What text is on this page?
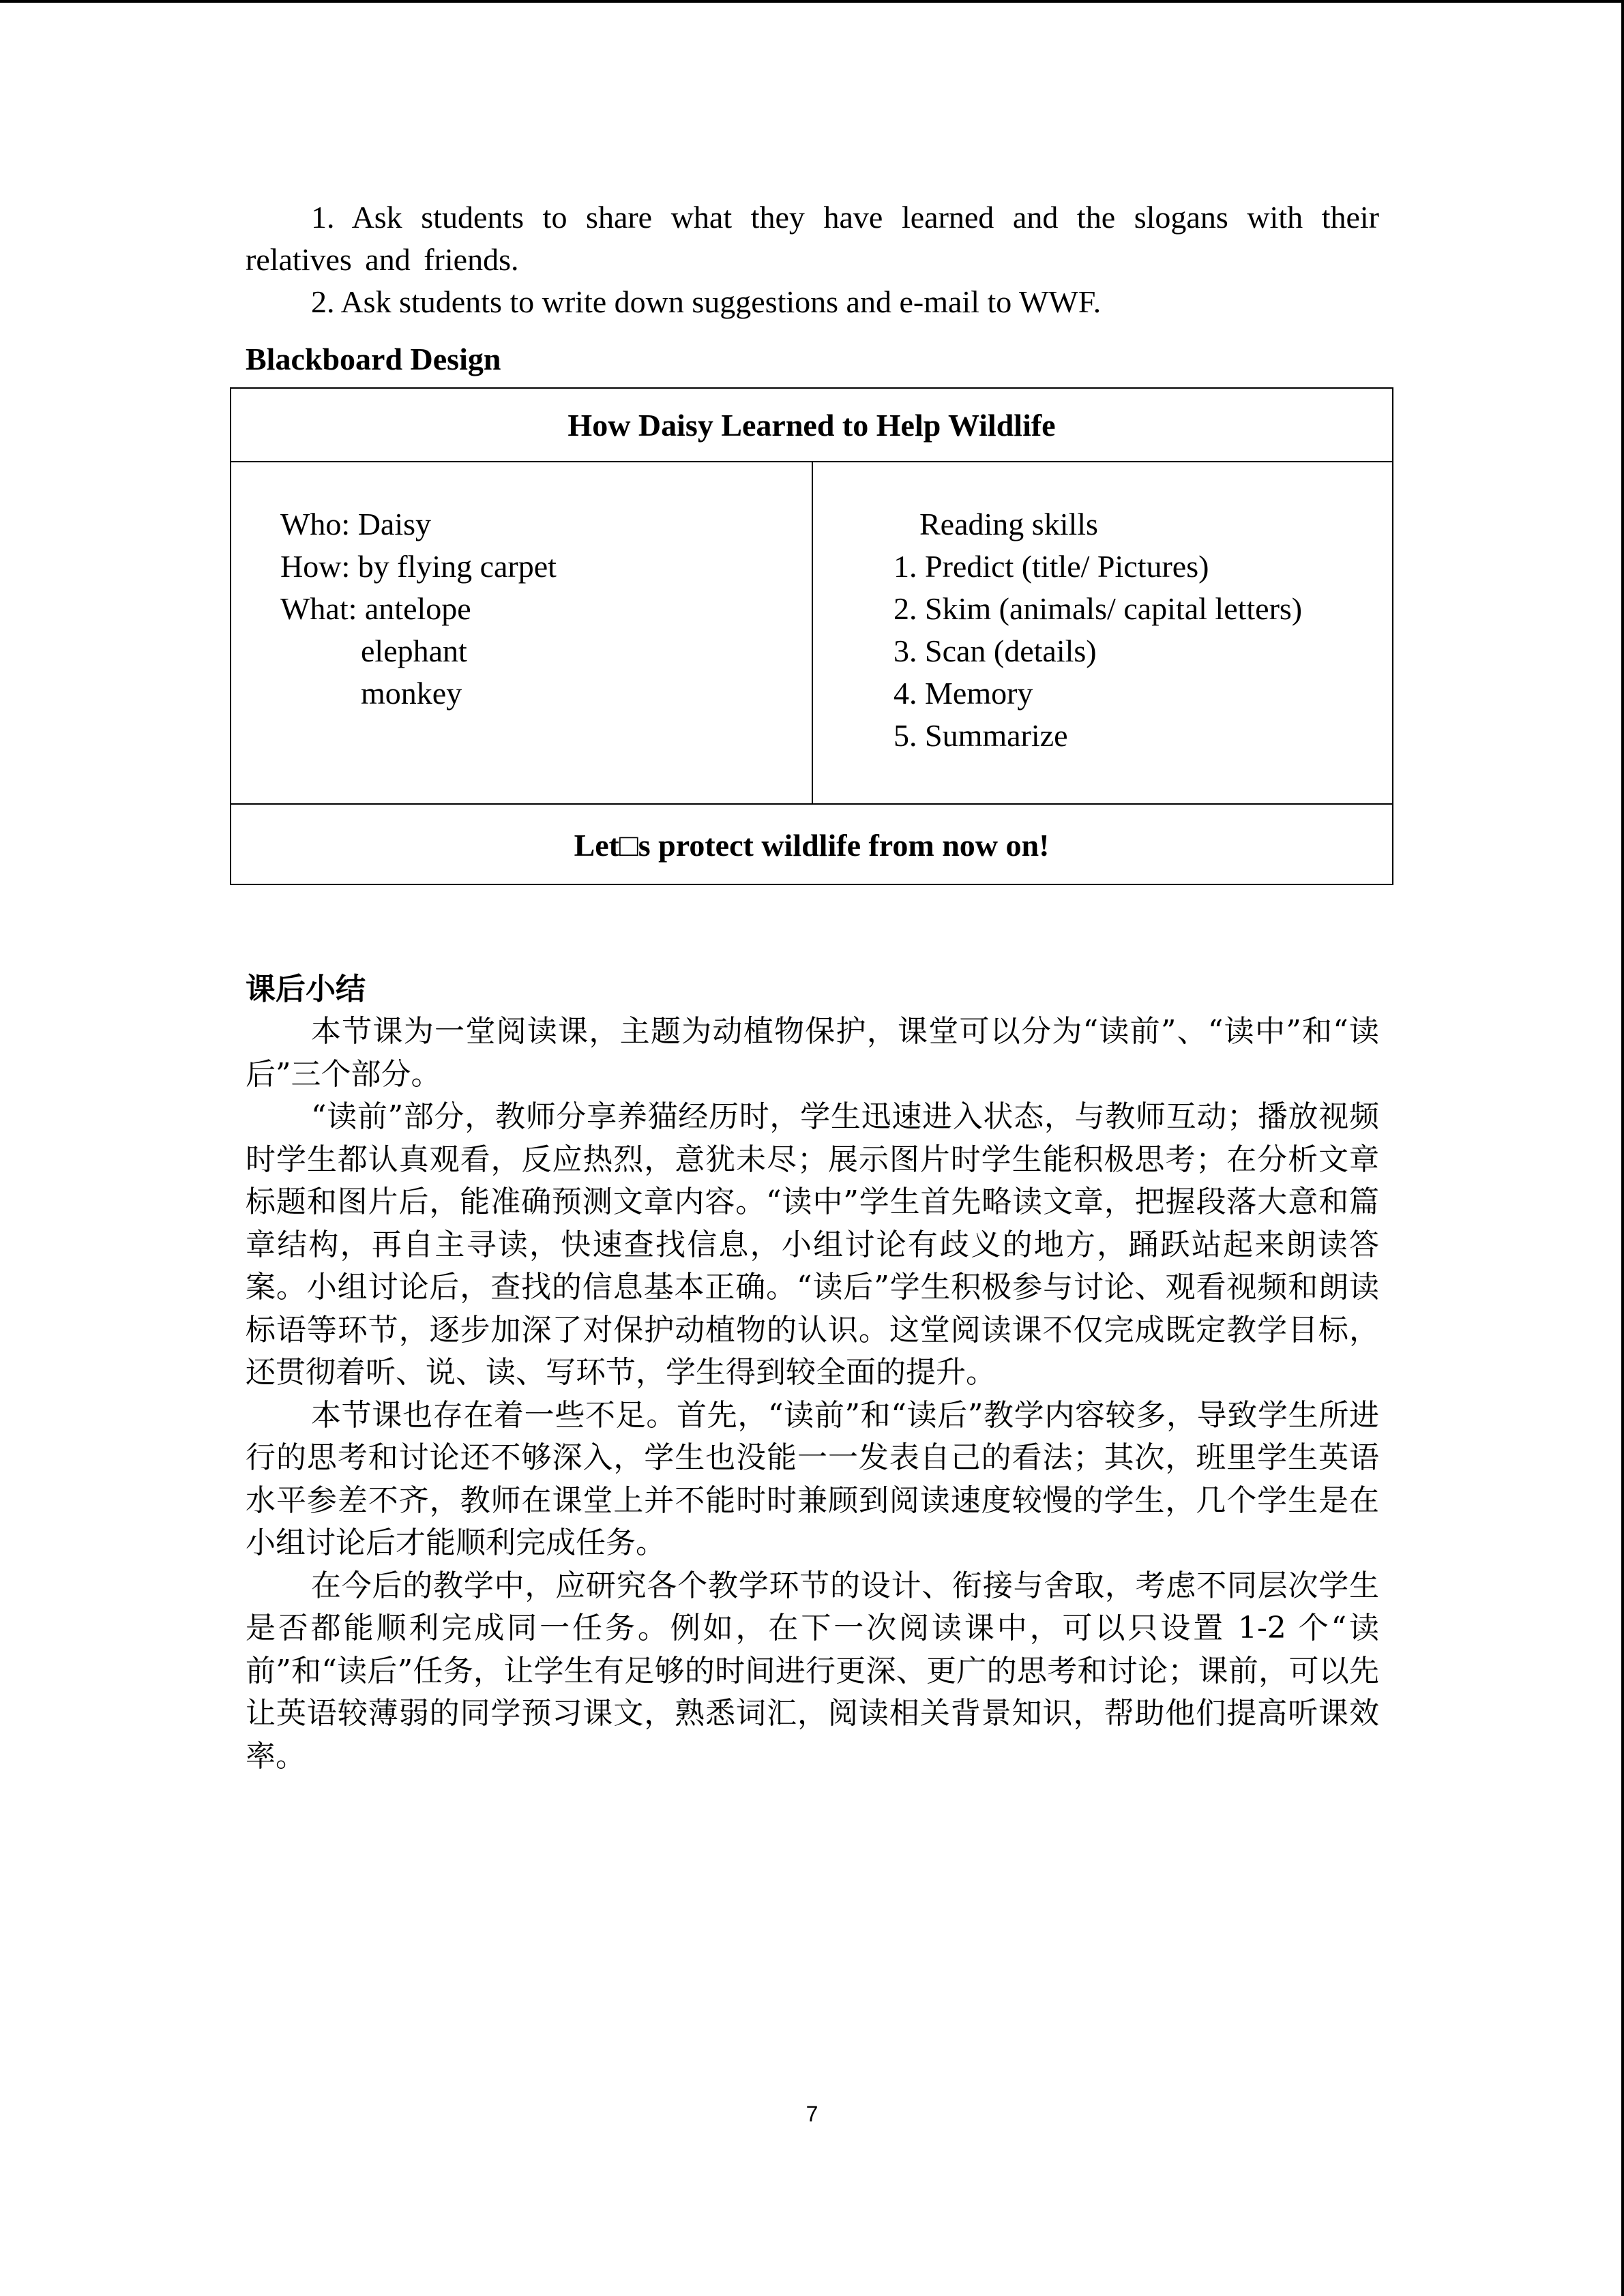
1. Ask students to share what they have learned and the slogans with their relatives and friends.

2. Ask students to write down suggestions and e-mail to WWF.

Blackboard Design
How Daisy Learned to Help Wildlife
Who: Daisy
How: by flying carpet
What: antelope
elephant
monkey
Reading skills
1. Predict (title/ Pictures)
2. Skim (animals/ capital letters)
3. Scan (details)
4. Memory
5. Summarize
Let□s protect wildlife from now on!
课后小结

本节课为一堂阅读课，主题为动植物保护，课堂可以分为“读前”、“读中”和“读后”三个部分。

“读前”部分，教师分享养猫经历时，学生迅速进入状态，与教师互动；播放视频时学生都认真观看，反应热烈，意犹未尽；展示图片时学生能积极思考；在分析文章标题和图片后，能准确预测文章内容。“读中”学生首先略读文章，把握段落大意和篇章结构，再自主寻读，快速查找信息，小组讨论有歧义的地方，踊跃站起来朗读答案。小组讨论后，查找的信息基本正确。“读后”学生积极参与讨论、观看视频和朗读标语等环节，逐步加深了对保护动植物的认识。这堂阅读课不仅完成既定教学目标，还贯彻着听、说、读、写环节，学生得到较全面的提升。

本节课也存在着一些不足。首先，“读前”和“读后”教学内容较多，导致学生所进行的思考和讨论还不够深入，学生也没能一一发表自己的看法；其次，班里学生英语水平参差不齐，教师在课堂上并不能时时兼顾到阅读速度较慢的学生，几个学生是在小组讨论后才能顺利完成任务。

在今后的教学中，应研究各个教学环节的设计、衔接与舍取，考虑不同层次学生是否都能顺利完成同一任务。例如，在下一次阅读课中，可以只设置 1-2 个“读前”和“读后”任务，让学生有足够的时间进行更深、更广的思考和讨论；课前，可以先让英语较薄弱的同学预习课文，熟悉词汇，阅读相关背景知识，帮助他们提高听课效率。

7
